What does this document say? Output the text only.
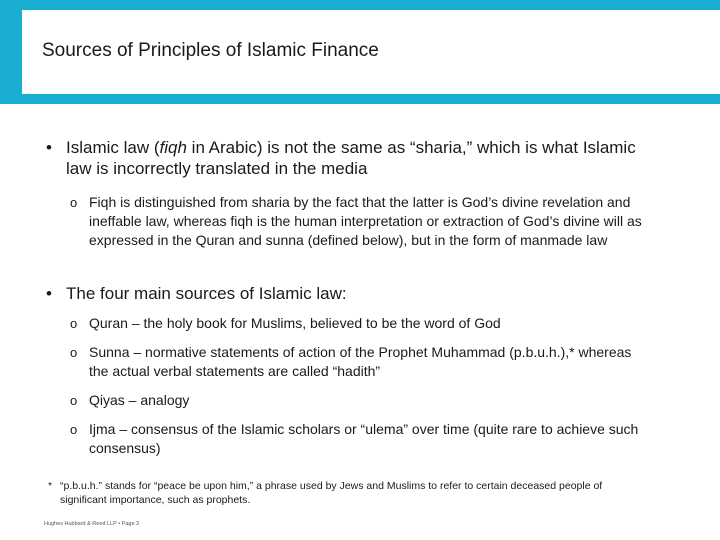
Sources of Principles of Islamic Finance
• Islamic law (fiqh in Arabic) is not the same as “sharia,” which is what Islamic law is incorrectly translated in the media
o Fiqh is distinguished from sharia by the fact that the latter is God’s divine revelation and ineffable law, whereas fiqh is the human interpretation or extraction of God’s divine will as expressed in the Quran and sunna (defined below), but in the form of manmade law
• The four main sources of Islamic law:
o Quran – the holy book for Muslims, believed to be the word of God
o Sunna – normative statements of action of the Prophet Muhammad (p.b.u.h.),* whereas the actual verbal statements are called “hadith”
o Qiyas – analogy
o Ijma – consensus of the Islamic scholars or “ulema” over time (quite rare to achieve such consensus)
* “p.b.u.h.” stands for “peace be upon him,” a phrase used by Jews and Muslims to refer to certain deceased people of significant importance, such as prophets.
Hughes Hubbard & Reed LLP • Page 3
